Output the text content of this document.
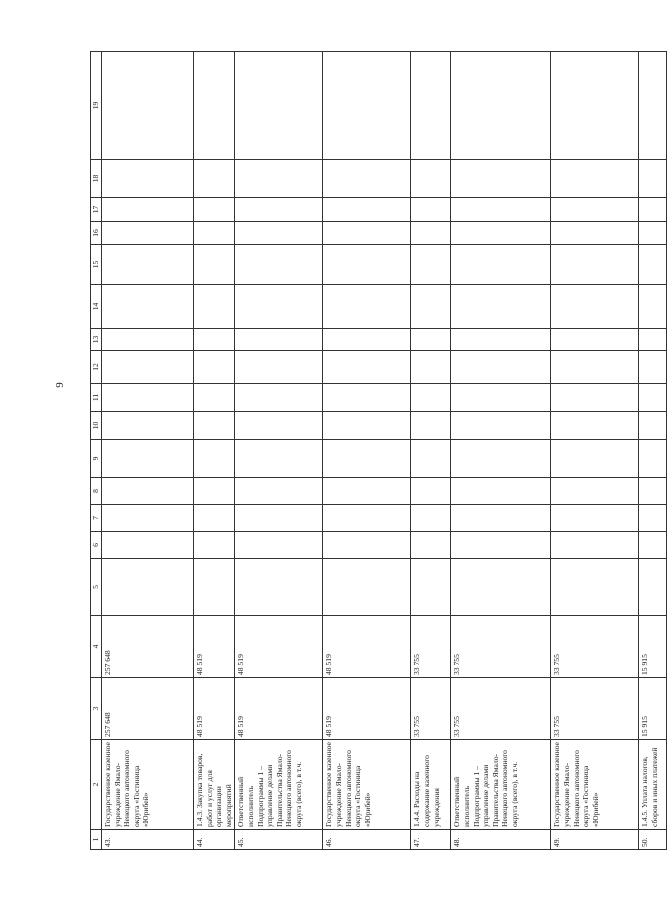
9
1	2	3	4	5	6	7	8	9	10	11	12	13	14	15	16	17	18	19
43.	Государственное казенное учреждение Ямало-Ненецкого автономного округа «Гостиница «Юрибей»	257 648	257 648															
44.	1.4.3. Закупка товаров, работ и услуг для организации мероприятий	48 519	48 519															
45.	Ответственный исполнитель Подпрограммы 1 – управление делами Правительства Ямало-Ненецкого автономного округа (всего), в т.ч.	48 519	48 519															
46.	Государственное казенное учреждение Ямало-Ненецкого автономного округа «Гостиница «Юрибей»	48 519	48 519															
47.	1.4.4. Расходы на содержание казенного учреждения	33 755	33 755															
48.	Ответственный исполнитель Подпрограммы 1 – управление делами Правительства Ямало-Ненецкого автономного округа (всего), в т.ч.	33 755	33 755															
49.	Государственное казенное учреждение Ямало-Ненецкого автономного округа «Гостиница «Юрибей»	33 755	33 755															
50.	1.4.5. Уплата налогов, сборов и иных платежей	15 915	15 915															
